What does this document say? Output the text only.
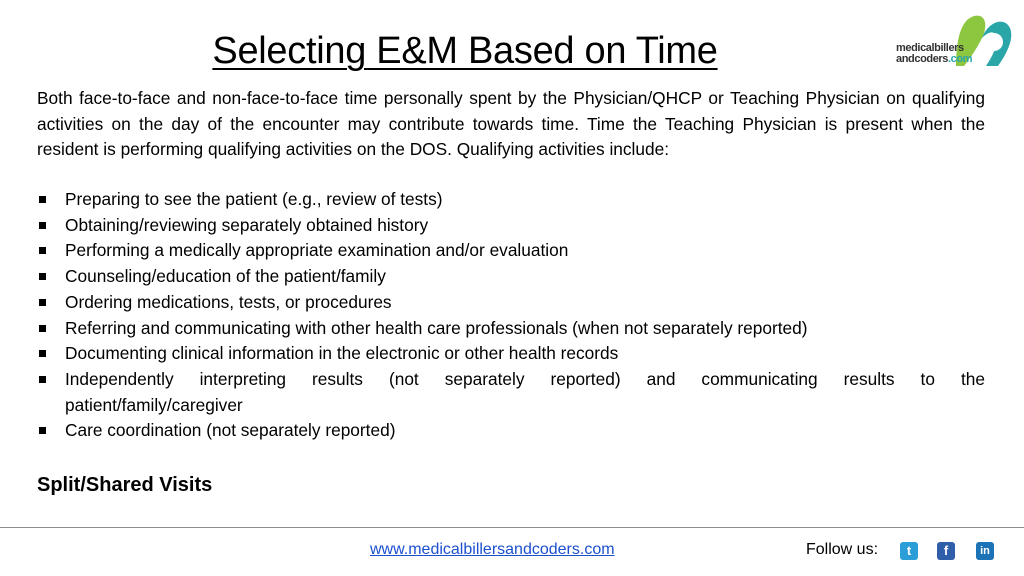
Selecting E&M Based on Time	medicalbillers
andcoders.com
Both face-to-face and non-face-to-face time personally spent by the Physician/QHCP or Teaching Physician on qualifying activities on the day of the encounter may contribute towards time. Time the Teaching Physician is present when the resident is performing qualifying activities on the DOS. Qualifying activities include:
Preparing to see the patient (e.g., review of tests)
Obtaining/reviewing separately obtained history
Performing a medically appropriate examination and/or evaluation
Counseling/education of the patient/family
Ordering medications, tests, or procedures
Referring and communicating with other health care professionals (when not separately reported)
Documenting clinical information in the electronic or other health records
Independently interpreting results (not separately reported) and communicating results to the
patient/family/caregiver
Care coordination (not separately reported)
Split/Shared Visits
www.medicalbillersandcoders.com	Follow us:	t	f	in
